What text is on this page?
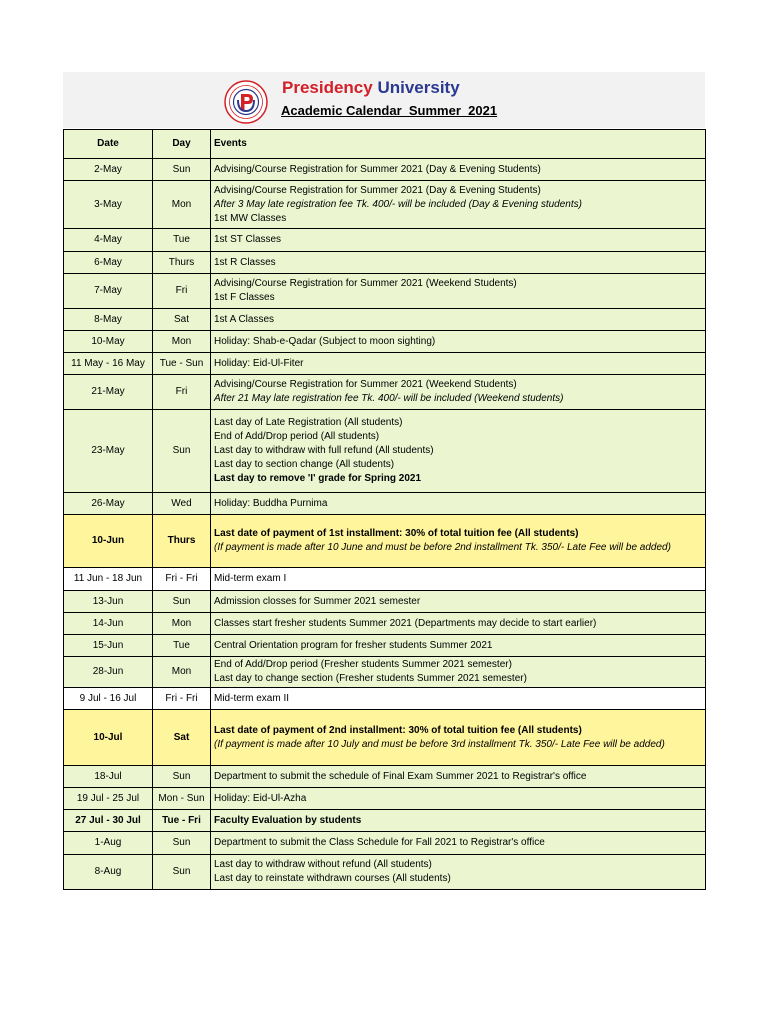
Presidency University
Academic Calendar  Summer  2021
Date	Day	Events
2-May	Sun	Advising/Course Registration for Summer 2021 (Day & Evening Students)

3-May	Mon	Advising/Course Registration for Summer 2021 (Day & Evening Students)
After 3 May late registration fee Tk. 400/- will be included (Day & Evening students)
1st MW Classes

4-May	Tue	1st ST Classes

6-May	Thurs	1st R Classes

7-May	Fri	Advising/Course Registration for Summer 2021 (Weekend Students)
1st F Classes

8-May	Sat	1st A Classes

10-May	Mon	Holiday: Shab-e-Qadar (Subject to moon sighting)

11 May - 16 May	Tue - Sun	Holiday: Eid-Ul-Fiter

21-May	Fri	Advising/Course Registration for Summer 2021 (Weekend Students)
After 21 May late registration fee Tk. 400/- will be included (Weekend students)

23-May	Sun	Last day of Late Registration (All students)
End of Add/Drop period (All students)
Last day to withdraw with full refund (All students)
Last day to section change (All students)
Last day to remove 'I' grade for Spring 2021

26-May	Wed	Holiday: Buddha Purnima

10-Jun	Thurs	Last date of payment of 1st installment: 30% of total tuition fee (All students)
(If payment is made after 10 June and must be before 2nd installment Tk. 350/- Late Fee will be added)

11 Jun - 18 Jun	Fri - Fri	Mid-term exam I

13-Jun	Sun	Admission closses for Summer 2021 semester

14-Jun	Mon	Classes start fresher students Summer 2021 (Departments may decide to start earlier)

15-Jun	Tue	Central Orientation program for fresher students Summer 2021

28-Jun	Mon	End of Add/Drop period (Fresher students Summer 2021 semester)
Last day to change section (Fresher students Summer 2021 semester)

9 Jul - 16 Jul	Fri - Fri	Mid-term exam II

10-Jul	Sat	Last date of payment of 2nd installment: 30% of total tuition fee (All students)
(If payment is made after 10 July and must be before 3rd installment Tk. 350/- Late Fee will be added)

18-Jul	Sun	Department to submit the schedule of Final Exam Summer 2021 to Registrar's office

19 Jul - 25 Jul	Mon - Sun	Holiday: Eid-Ul-Azha

27 Jul - 30 Jul	Tue - Fri	Faculty Evaluation by students

1-Aug	Sun	Department to submit the Class Schedule for Fall 2021 to Registrar's office

8-Aug	Sun	Last day to withdraw without refund (All students)
Last day to reinstate withdrawn courses (All students)
